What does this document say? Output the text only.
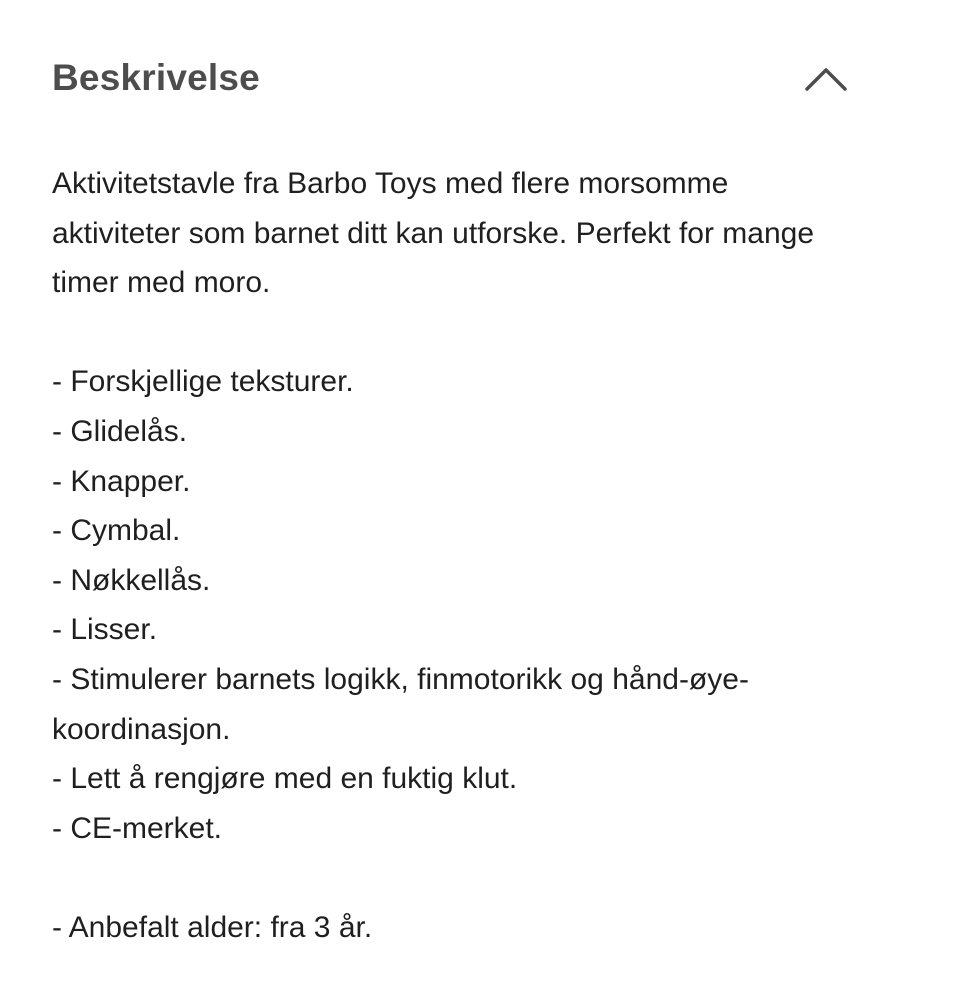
Beskrivelse

Aktivitetstavle fra Barbo Toys med flere morsomme aktiviteter som barnet ditt kan utforske. Perfekt for mange timer med moro.

- Forskjellige teksturer.
- Glidelås.
- Knapper.
- Cymbal.
- Nøkkellås.
- Lisser.
- Stimulerer barnets logikk, finmotorikk og hånd-øye-koordinasjon.
- Lett å rengjøre med en fuktig klut.
- CE-merket.

- Anbefalt alder: fra 3 år.
